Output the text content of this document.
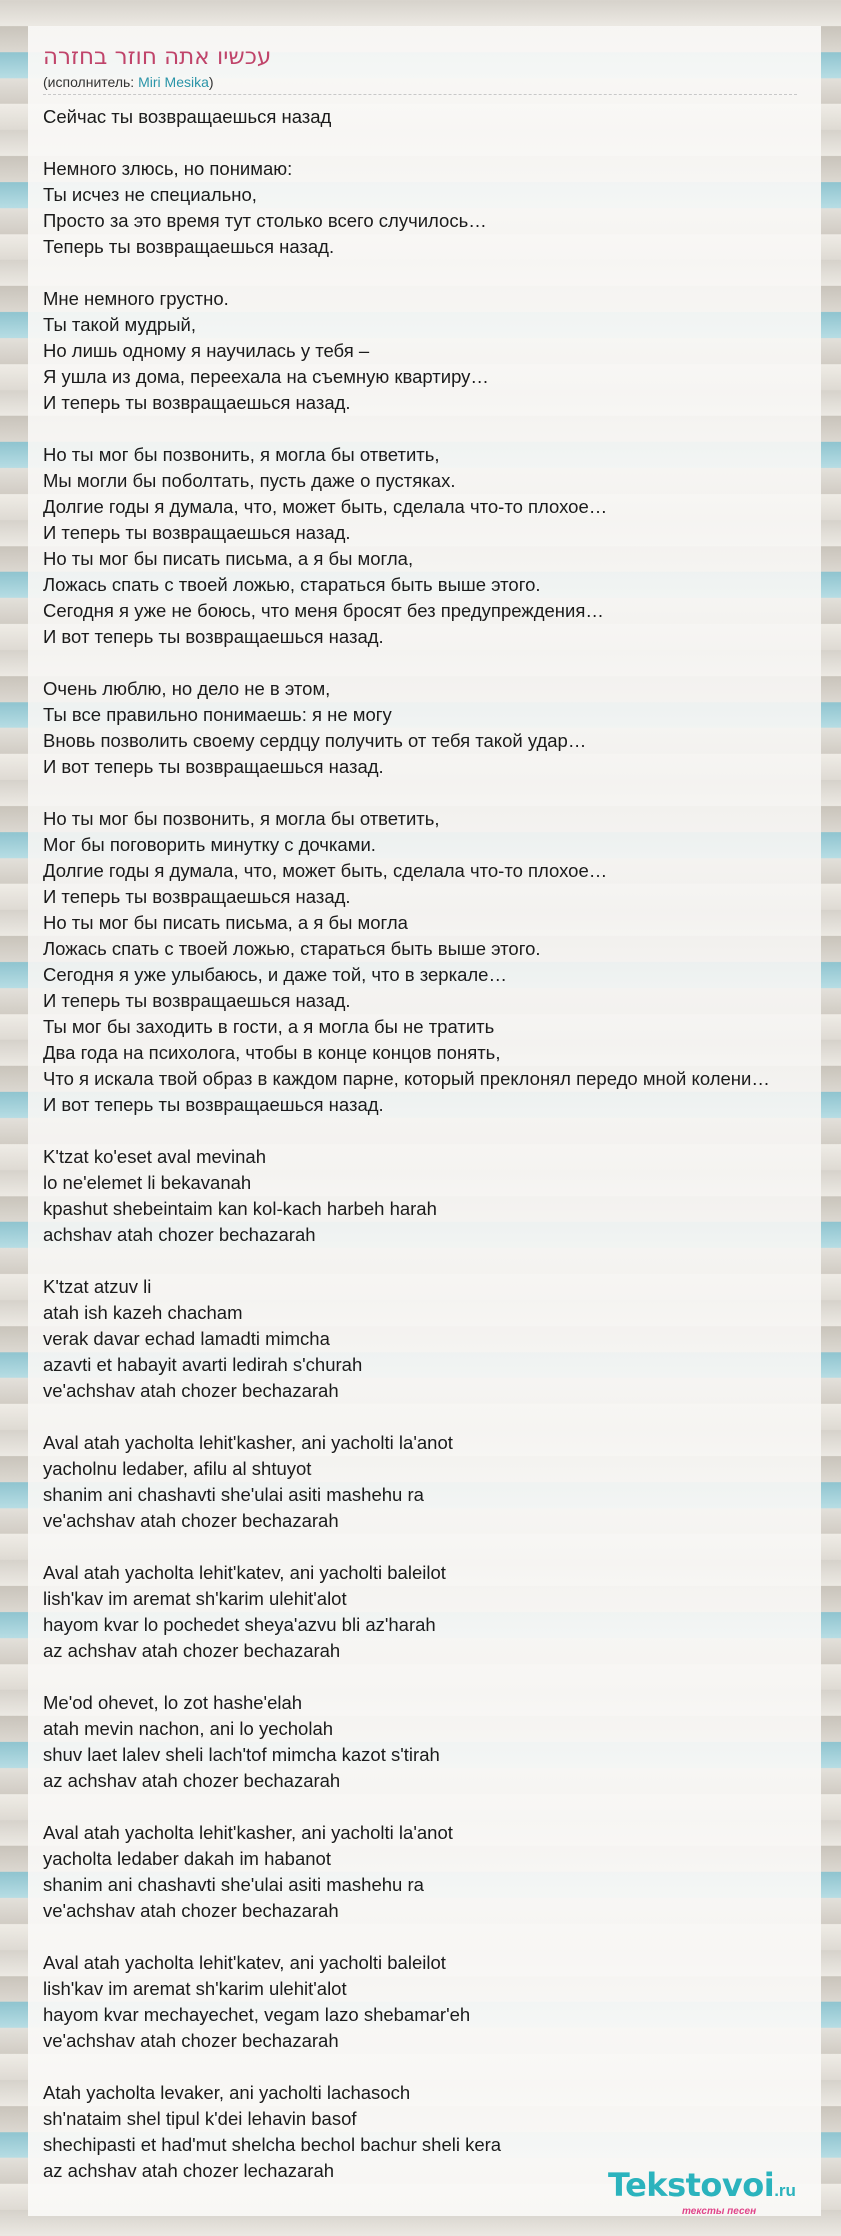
עכשיו אתה חוזר בחזרה
(исполнитель: Miri Mesika)
Сейчас ты возвращаешься назад
Немного злюсь, но понимаю:
Ты исчез не специально,
Просто за это время тут столько всего случилось…
Теперь ты возвращаешься назад.
Мне немного грустно.
Ты такой мудрый,
Но лишь одному я научилась у тебя –
Я ушла из дома, переехала на съемную квартиру…
И теперь ты возвращаешься назад.
Но ты мог бы позвонить, я могла бы ответить,
Мы могли бы поболтать, пусть даже о пустяках.
Долгие годы я думала, что, может быть, сделала что-то плохое…
И теперь ты возвращаешься назад.
Но ты мог бы писать письма, а я бы могла,
Ложась спать с твоей ложью, стараться быть выше этого.
Сегодня я уже не боюсь, что меня бросят без предупреждения…
И вот теперь ты возвращаешься назад.
Очень люблю, но дело не в этом,
Ты все правильно понимаешь: я не могу
Вновь позволить своему сердцу получить от тебя такой удар…
И вот теперь ты возвращаешься назад.
Но ты мог бы позвонить, я могла бы ответить,
Мог бы поговорить минутку с дочками.
Долгие годы я думала, что, может быть, сделала что-то плохое…
И теперь ты возвращаешься назад.
Но ты мог бы писать письма, а я бы могла
Ложась спать с твоей ложью, стараться быть выше этого.
Сегодня я уже улыбаюсь, и даже той, что в зеркале…
И теперь ты возвращаешься назад.
Ты мог бы заходить в гости, а я могла бы не тратить
Два года на психолога, чтобы в конце концов понять,
Что я искала твой образ в каждом парне, который преклонял передо мной колени…
И вот теперь ты возвращаешься назад.
K'tzat ko'eset aval mevinah
lo ne'elemet li bekavanah
kpashut shebeintaim kan kol-kach harbeh harah
achshav atah chozer bechazarah
K'tzat atzuv li
atah ish kazeh chacham
verak davar echad lamadti mimcha
azavti et habayit avarti ledirah s'churah
ve'achshav atah chozer bechazarah
Aval atah yacholta lehit'kasher, ani yacholti la'anot
yacholnu ledaber, afilu al shtuyot
shanim ani chashavti she'ulai asiti mashehu ra
ve'achshav atah chozer bechazarah
Aval atah yacholta lehit'katev, ani yacholti baleilot
lish'kav im aremat sh'karim ulehit'alot
hayom kvar lo pochedet sheya'azvu bli az'harah
az achshav atah chozer bechazarah
Me'od ohevet, lo zot hashe'elah
atah mevin nachon, ani lo yecholah
shuv laet lalev sheli lach'tof mimcha kazot s'tirah
az achshav atah chozer bechazarah
Aval atah yacholta lehit'kasher, ani yacholti la'anot
yacholta ledaber dakah im habanot
shanim ani chashavti she'ulai asiti mashehu ra
ve'achshav atah chozer bechazarah
Aval atah yacholta lehit'katev, ani yacholti baleilot
lish'kav im aremat sh'karim ulehit'alot
hayom kvar mechayechet, vegam lazo shebamar'eh
ve'achshav atah chozer bechazarah
Atah yacholta levaker, ani yacholti lachasoch
sh'nataim shel tipul k'dei lehavin basof
shechipasti et had'mut shelcha bechol bachur sheli kera
az achshav atah chozer lechazarah	Tekstovoi.ru
тексты песен
